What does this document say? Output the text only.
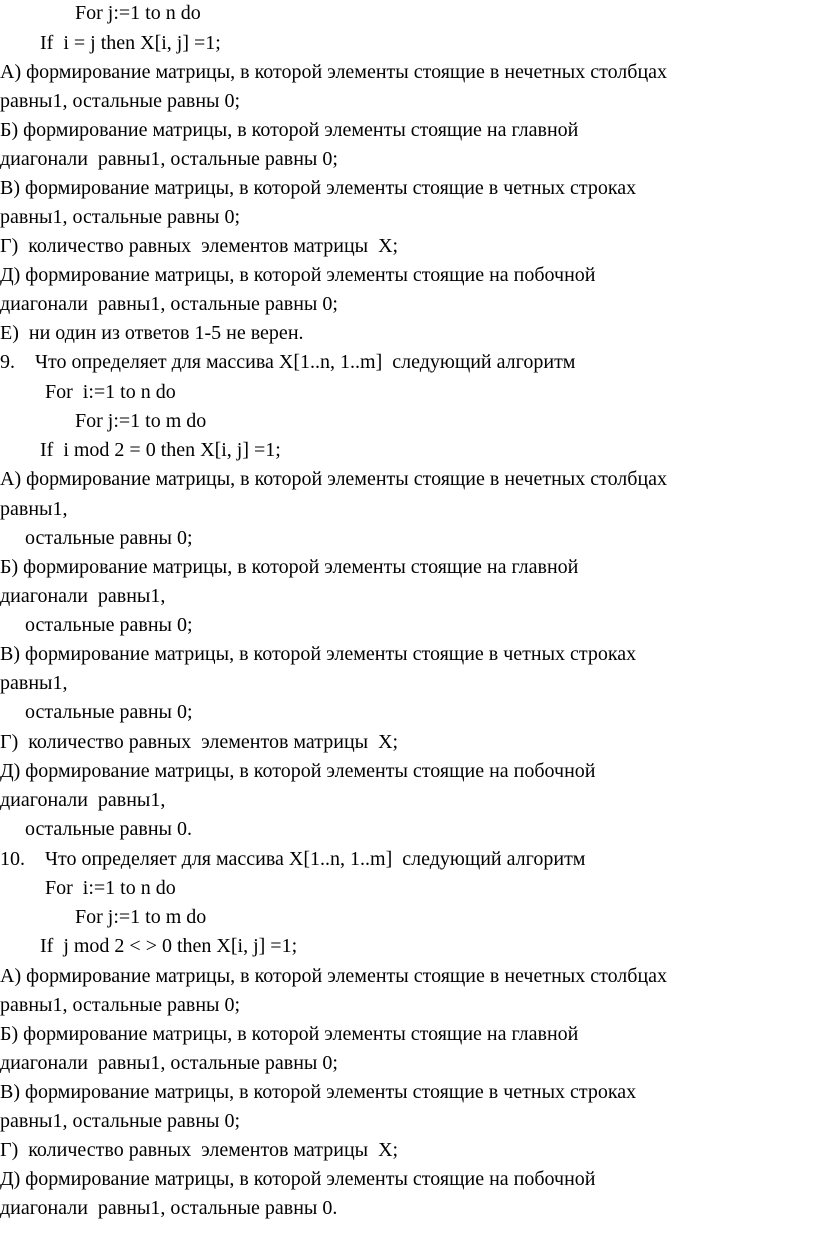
For j:=1 to n do
If  i = j then X[i, j] =1;
А) формирование матрицы, в которой элементы стоящие в нечетных столбцах
равны1, остальные равны 0;
Б) формирование матрицы, в которой элементы стоящие на главной
диагонали  равны1, остальные равны 0;
В) формирование матрицы, в которой элементы стоящие в четных строках
равны1, остальные равны 0;
Г)  количество равных  элементов матрицы  X;
Д) формирование матрицы, в которой элементы стоящие на побочной
диагонали  равны1, остальные равны 0;
Е)  ни один из ответов 1-5 не верен.
9.    Что определяет для массива X[1..n, 1..m]  следующий алгоритм
For  i:=1 to n do
For j:=1 to m do
If  i mod 2 = 0 then X[i, j] =1;
А) формирование матрицы, в которой элементы стоящие в нечетных столбцах
равны1,
остальные равны 0;
Б) формирование матрицы, в которой элементы стоящие на главной
диагонали  равны1,
остальные равны 0;
В) формирование матрицы, в которой элементы стоящие в четных строках
равны1,
остальные равны 0;
Г)  количество равных  элементов матрицы  X;
Д) формирование матрицы, в которой элементы стоящие на побочной
диагонали  равны1,
остальные равны 0.
10.    Что определяет для массива X[1..n, 1..m]  следующий алгоритм
For  i:=1 to n do
For j:=1 to m do
If  j mod 2 < > 0 then X[i, j] =1;
А) формирование матрицы, в которой элементы стоящие в нечетных столбцах
равны1, остальные равны 0;
Б) формирование матрицы, в которой элементы стоящие на главной
диагонали  равны1, остальные равны 0;
В) формирование матрицы, в которой элементы стоящие в четных строках
равны1, остальные равны 0;
Г)  количество равных  элементов матрицы  X;
Д) формирование матрицы, в которой элементы стоящие на побочной
диагонали  равны1, остальные равны 0.
